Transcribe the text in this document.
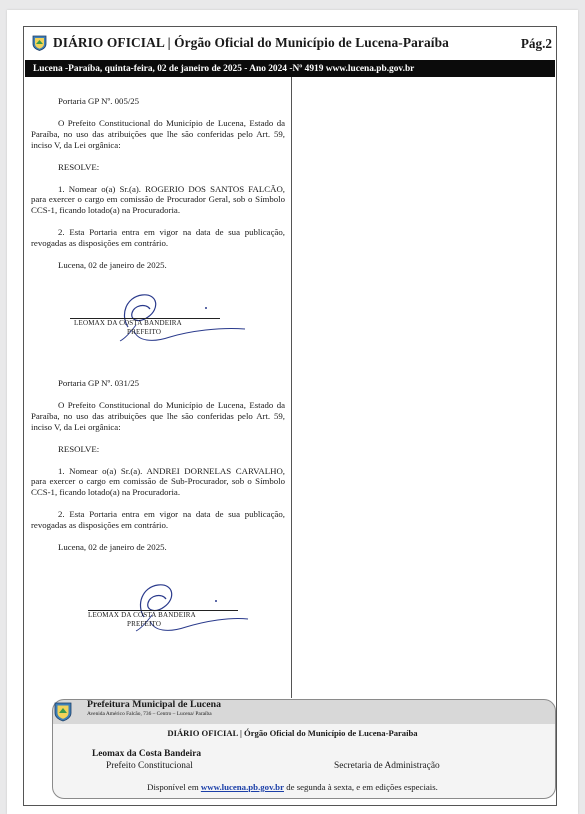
DIÁRIO OFICIAL | Órgão Oficial do Município de Lucena-Paraíba	Pág.2
Lucena -Paraíba, quinta-feira, 02 de janeiro de 2025 - Ano 2024 -Nº 4919 www.lucena.pb.gov.br

Portaria GP Nº. 005/25

O Prefeito Constitucional do Município de Lucena, Estado da Paraíba, no uso das atribuições que lhe são conferidas pelo Art. 59, inciso V, da Lei orgânica:

RESOLVE:

1. Nomear o(a) Sr.(a). ROGERIO DOS SANTOS FALCÃO, para exercer o cargo em comissão de Procurador Geral, sob o Símbolo CCS-1, ficando lotado(a) na Procuradoria.

2. Esta Portaria entra em vigor na data de sua publicação, revogadas as disposições em contrário.

Lucena, 02 de janeiro de 2025.

LEOMAX DA COSTA BANDEIRA
PREFEITO

Portaria GP Nº. 031/25

O Prefeito Constitucional do Município de Lucena, Estado da Paraíba, no uso das atribuições que lhe são conferidas pelo Art. 59, inciso V, da Lei orgânica:

RESOLVE:

1. Nomear o(a) Sr.(a). ANDREI DORNELAS CARVALHO, para exercer o cargo em comissão de Sub-Procurador, sob o Símbolo CCS-1, ficando lotado(a) na Procuradoria.

2. Esta Portaria entra em vigor na data de sua publicação, revogadas as disposições em contrário.

Lucena, 02 de janeiro de 2025.

LEOMAX DA COSTA BANDEIRA
PREFEITO
Prefeitura Municipal de Lucena
Avenida Américo Falcão, 736 – Centro – Lucena/ Paraíba
DIÁRIO OFICIAL | Órgão Oficial do Município de Lucena-Paraíba
Leomax da Costa Bandeira
Prefeito Constitucional	Secretaria de Administração
Disponível em www.lucena.pb.gov.br de segunda à sexta, e em edições especiais.
